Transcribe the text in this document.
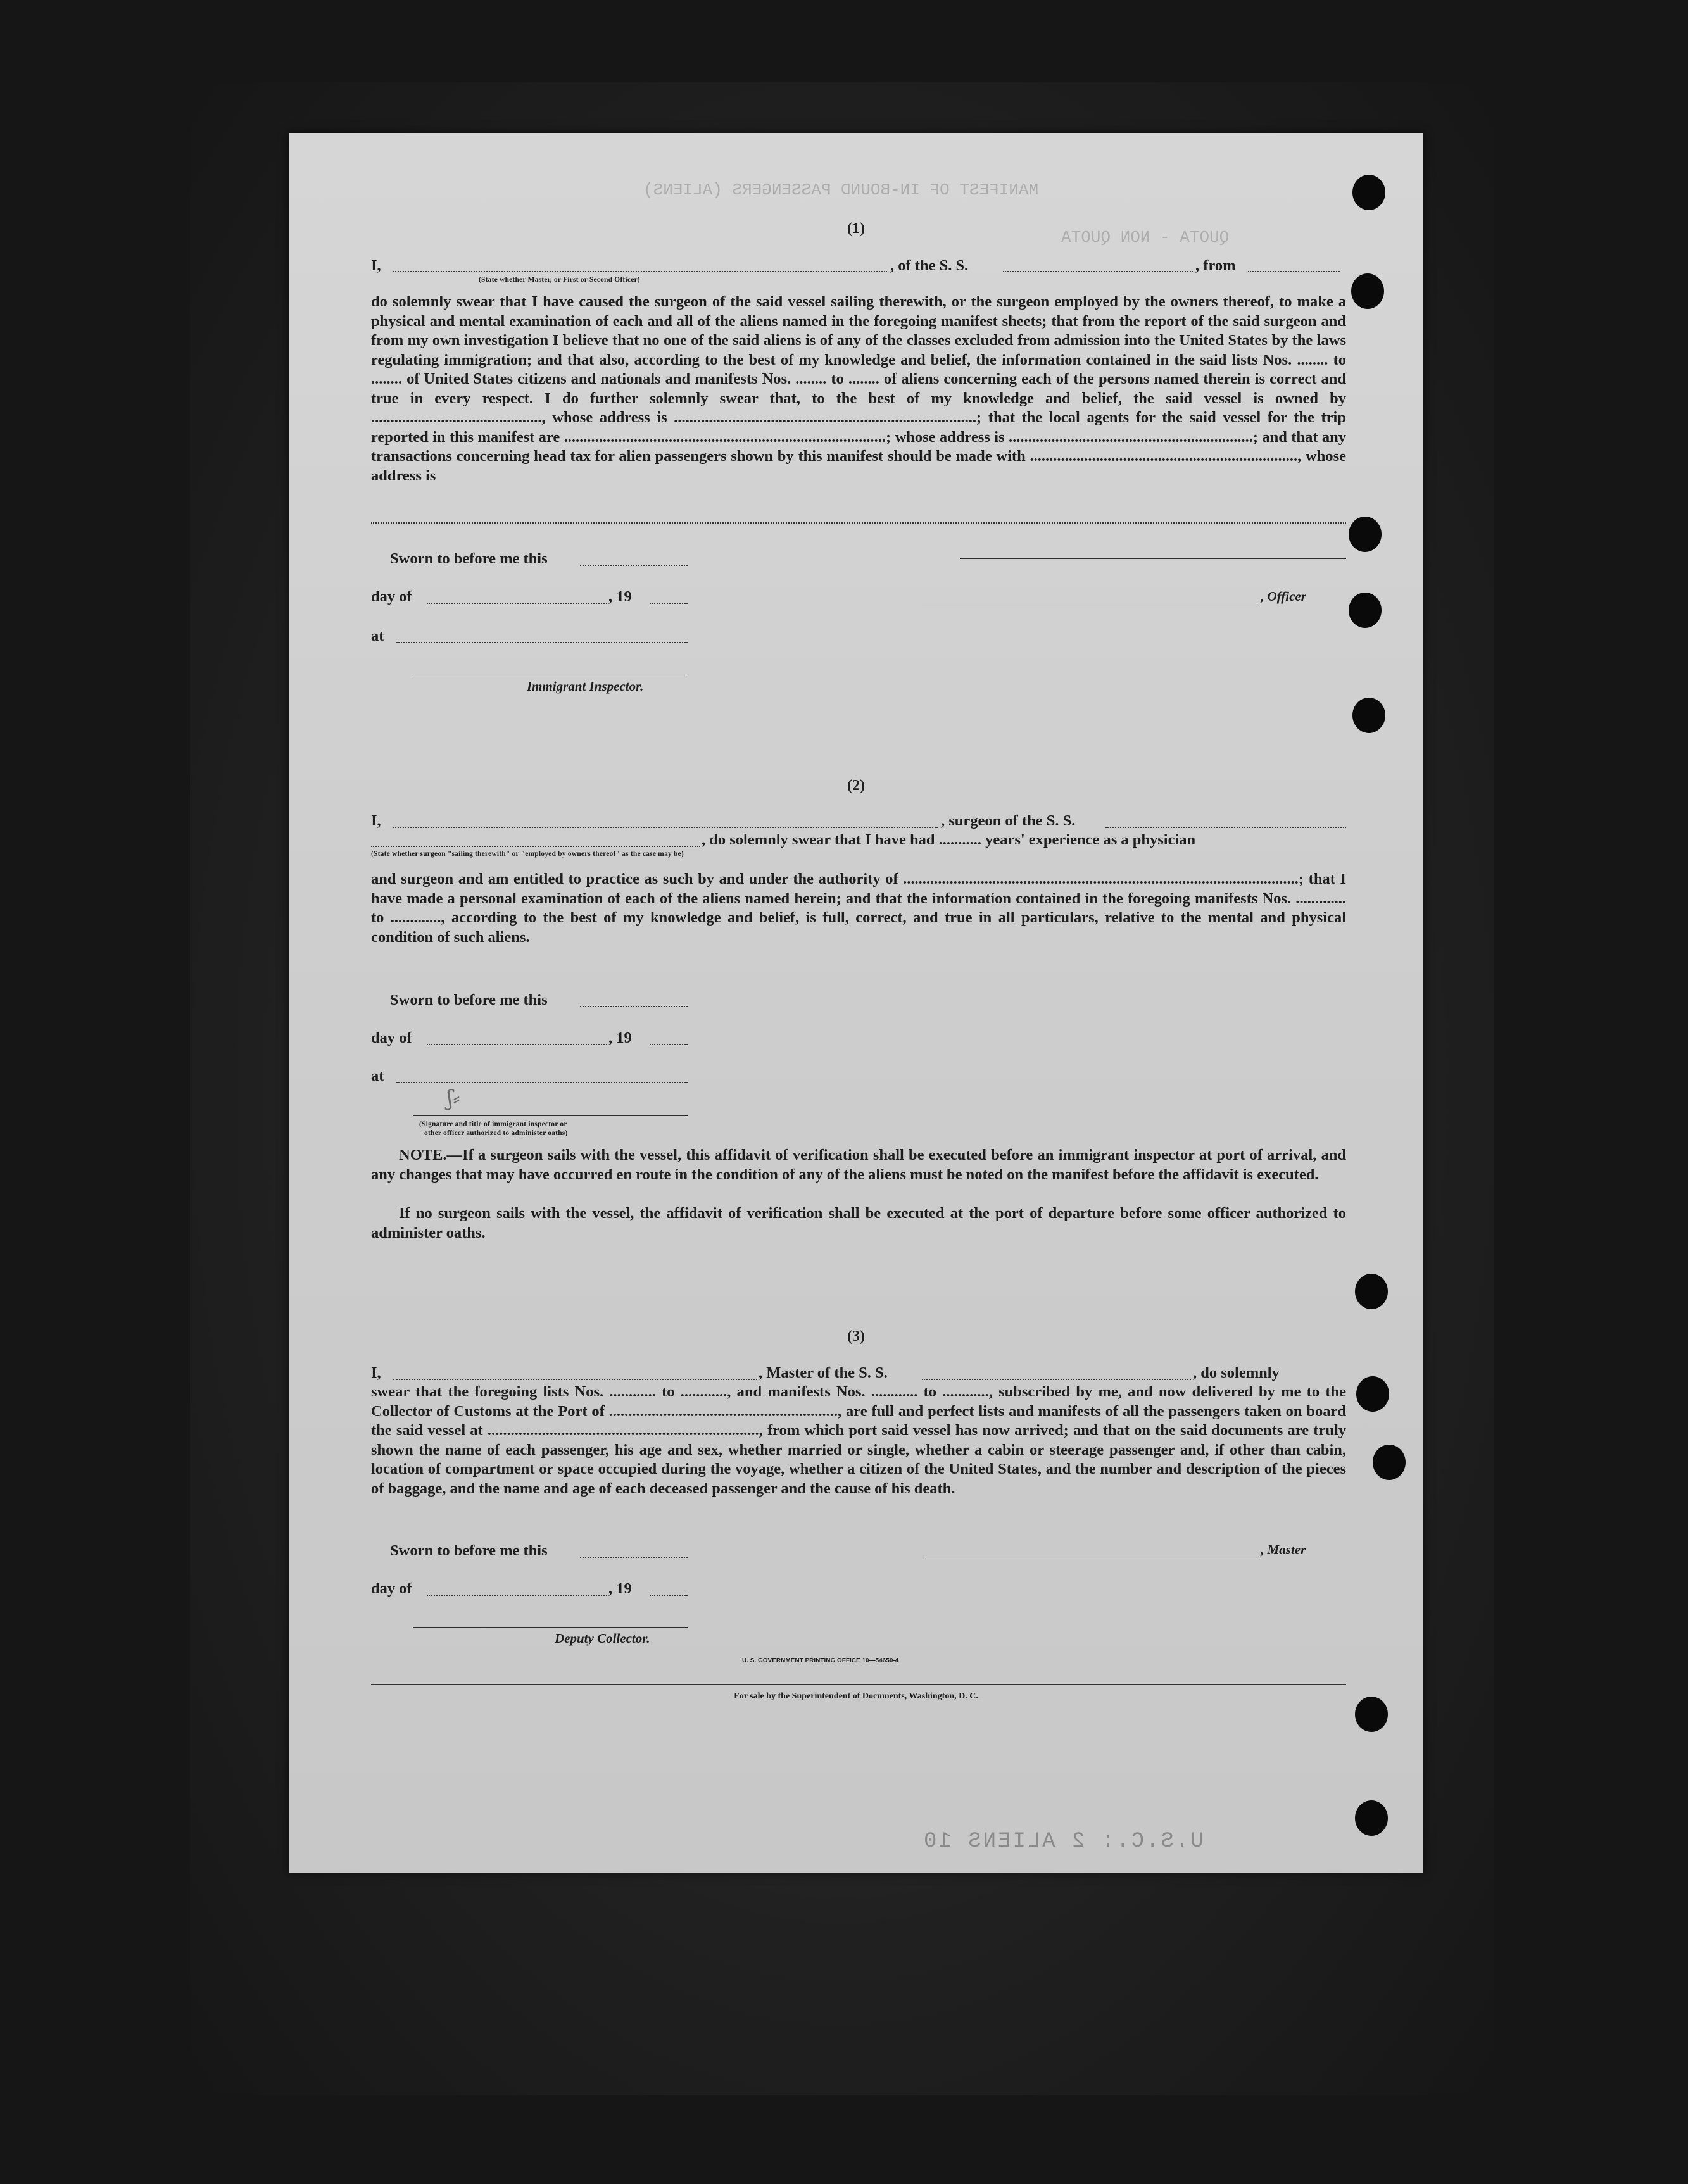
MANIFEST OF IN-BOUND PASSENGERS (ALIENS)
QUOTA - NON QUOTA
(1)
I,	, of the S. S.	, from
(State whether Master, or First or Second Officer)
do solemnly swear that I have caused the surgeon of the said vessel sailing therewith, or the surgeon employed by the owners thereof, to make a physical and mental examination of each and all of the aliens named in the foregoing manifest sheets; that from the report of the said surgeon and from my own investigation I believe that no one of the said aliens is of any of the classes excluded from admission into the United States by the laws regulating immigration; and that also, according to the best of my knowledge and belief, the information contained in the said lists Nos. ........ to ........ of United States citizens and nationals and manifests Nos. ........ to ........ of aliens concerning each of the persons named therein is correct and true in every respect. I do further solemnly swear that, to the best of my knowledge and belief, the said vessel is owned by ............................................, whose address is ..............................................................................; that the local agents for the said vessel for the trip reported in this manifest are ...................................................................................; whose address is ...............................................................; and that any transactions concerning head tax for alien passengers shown by this manifest should be made with ....................................................................., whose address is
Sworn to before me this
day of	, 19	, Officer
at
Immigrant Inspector.
(2)
I,	, surgeon of the S. S.
, do solemnly swear that I have had ........... years' experience as a physician
(State whether surgeon "sailing therewith" or "employed by owners thereof" as the case may be)
and surgeon and am entitled to practice as such by and under the authority of ......................................................................................................; that I have made a personal examination of each of the aliens named herein; and that the information contained in the foregoing manifests Nos. ............. to ............., according to the best of my knowledge and belief, is full, correct, and true in all particulars, relative to the mental and physical condition of such aliens.
Sworn to before me this
day of	, 19
at
ʃ⸗
(Signature and title of immigrant inspector or
other officer authorized to administer oaths)
NOTE.—If a surgeon sails with the vessel, this affidavit of verification shall be executed before an immigrant inspector at port of arrival, and any changes that may have occurred en route in the condition of any of the aliens must be noted on the manifest before the affidavit is executed.
If no surgeon sails with the vessel, the affidavit of verification shall be executed at the port of departure before some officer authorized to administer oaths.
(3)
I,	, Master of the S. S.	, do solemnly
swear that the foregoing lists Nos. ............ to ............, and manifests Nos. ............ to ............, subscribed by me, and now delivered by me to the Collector of Customs at the Port of ..........................................................., are full and perfect lists and manifests of all the passengers taken on board the said vessel at ......................................................................, from which port said vessel has now arrived; and that on the said documents are truly shown the name of each passenger, his age and sex, whether married or single, whether a cabin or steerage passenger and, if other than cabin, location of compartment or space occupied during the voyage, whether a citizen of the United States, and the number and description of the pieces of baggage, and the name and age of each deceased passenger and the cause of his death.
Sworn to before me this	, Master
day of	, 19
Deputy Collector.
U. S. GOVERNMENT PRINTING OFFICE 10—54650-4
For sale by the Superintendent of Documents, Washington, D. C.
U.S.C.: 2 ALIENS 10
